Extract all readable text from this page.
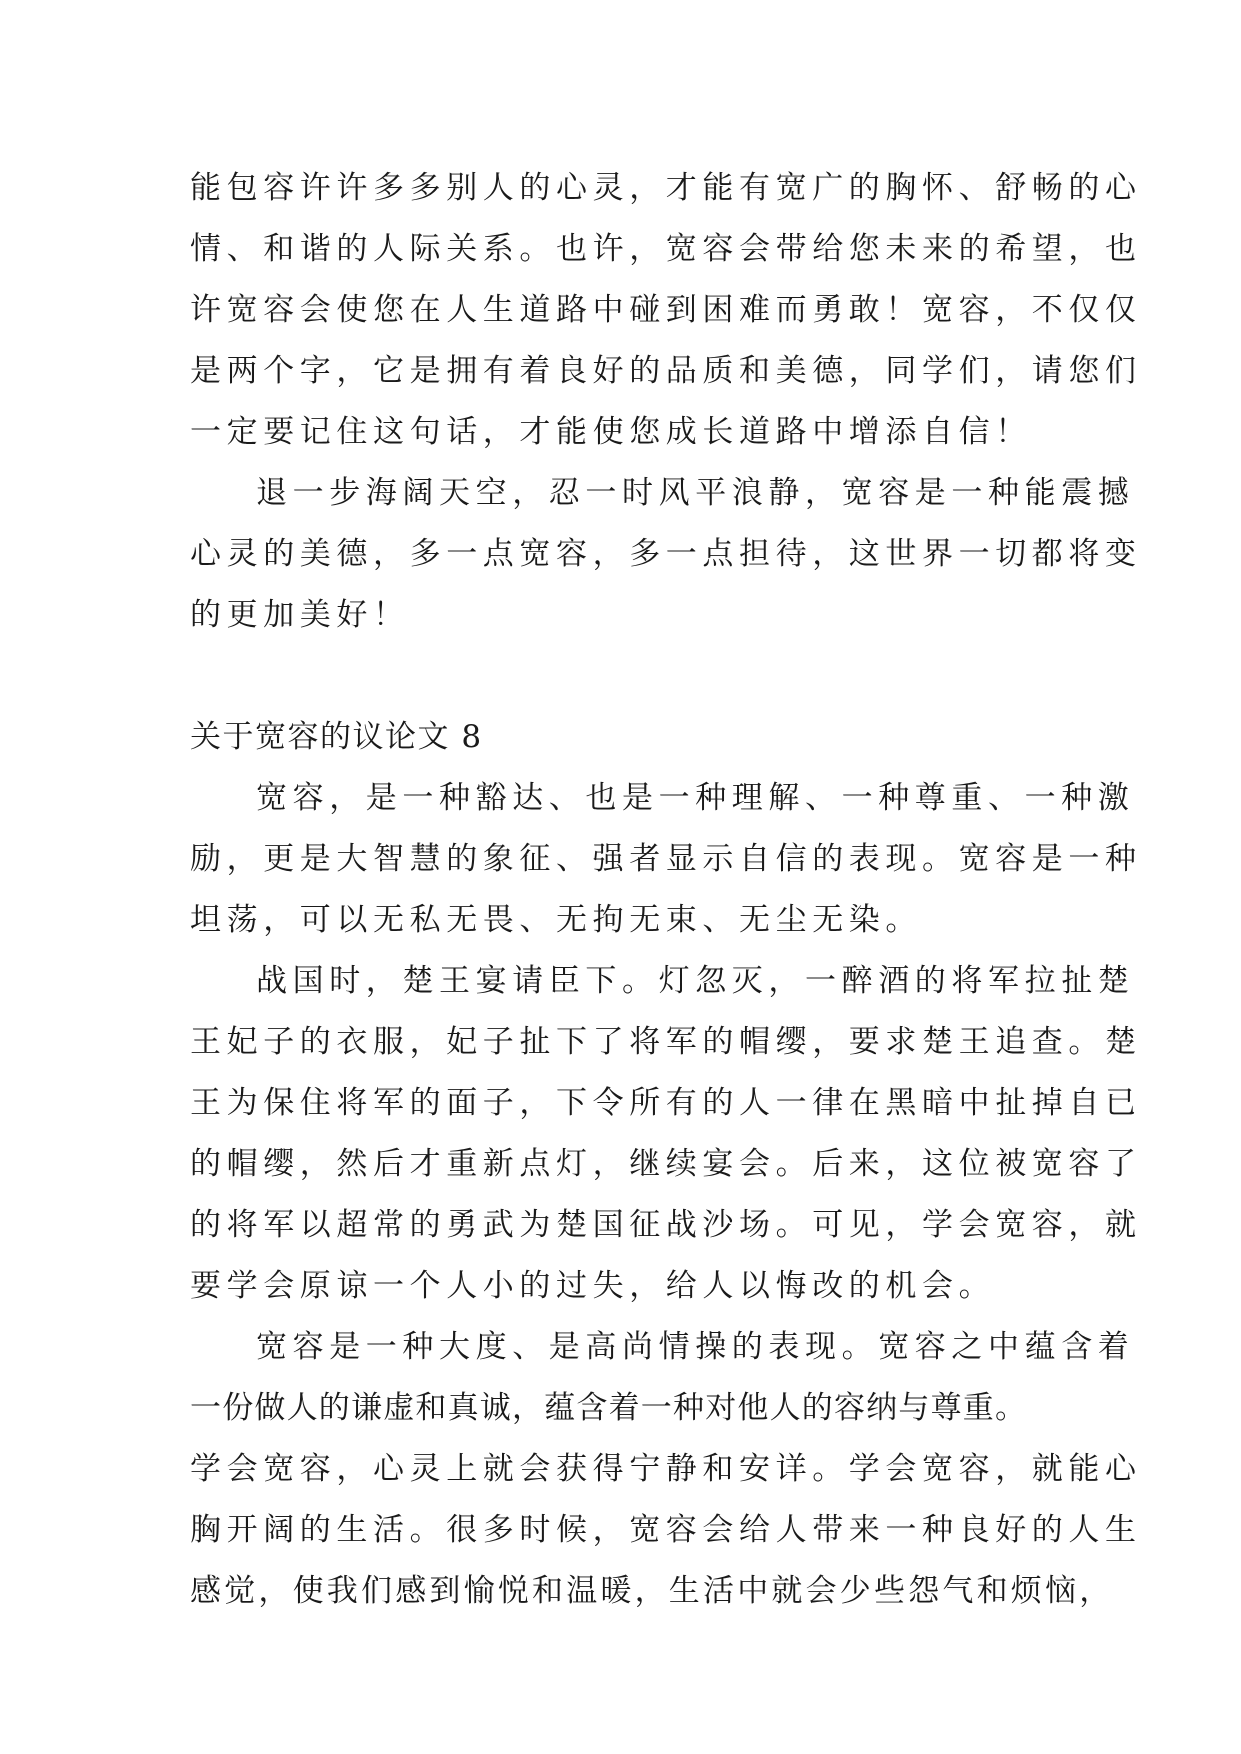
能包容许许多多别人的心灵，才能有宽广的胸怀、舒畅的心
情、和谐的人际关系。也许，宽容会带给您未来的希望，也
许宽容会使您在人生道路中碰到困难而勇敢！宽容，不仅仅
是两个字，它是拥有着良好的品质和美德，同学们，请您们
一定要记住这句话，才能使您成长道路中增添自信！
退一步海阔天空，忍一时风平浪静，宽容是一种能震撼
心灵的美德，多一点宽容，多一点担待，这世界一切都将变
的更加美好！
关于宽容的议论文 8
宽容，是一种豁达、也是一种理解、一种尊重、一种激
励，更是大智慧的象征、强者显示自信的表现。宽容是一种
坦荡，可以无私无畏、无拘无束、无尘无染。
战国时，楚王宴请臣下。灯忽灭，一醉酒的将军拉扯楚
王妃子的衣服，妃子扯下了将军的帽缨，要求楚王追查。楚
王为保住将军的面子，下令所有的人一律在黑暗中扯掉自已
的帽缨，然后才重新点灯，继续宴会。后来，这位被宽容了
的将军以超常的勇武为楚国征战沙场。可见，学会宽容，就
要学会原谅一个人小的过失，给人以悔改的机会。
宽容是一种大度、是高尚情操的表现。宽容之中蕴含着
一份做人的谦虚和真诚，蕴含着一种对他人的容纳与尊重。
学会宽容，心灵上就会获得宁静和安详。学会宽容，就能心
胸开阔的生活。很多时候，宽容会给人带来一种良好的人生
感觉，使我们感到愉悦和温暖，生活中就会少些怨气和烦恼，
